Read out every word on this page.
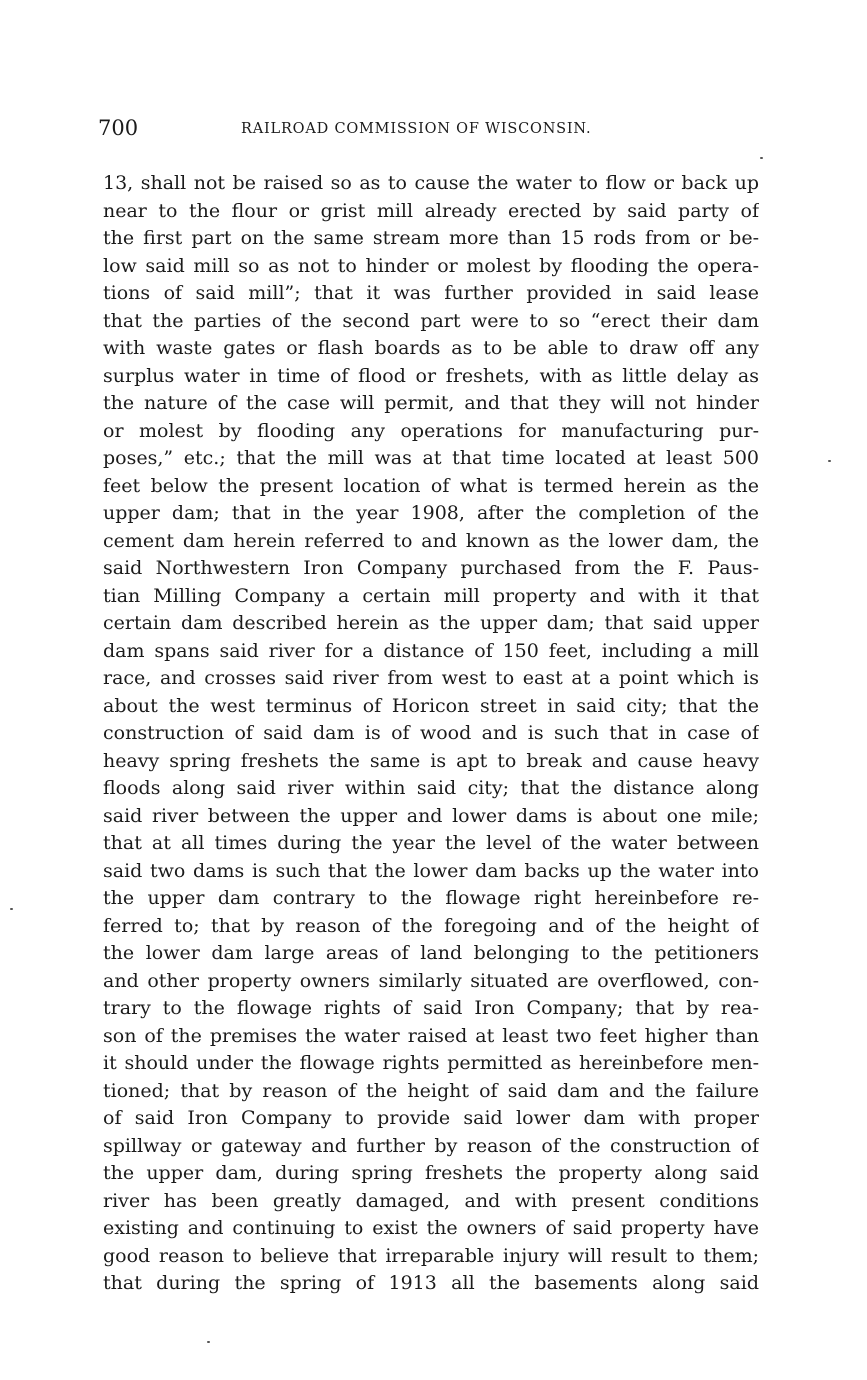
700	RAILROAD COMMISSION OF WISCONSIN.
13, shall not be raised so as to cause the water to flow or back up
near to the flour or grist mill already erected by said party of
the first part on the same stream more than 15 rods from or be-
low said mill so as not to hinder or molest by flooding the opera-
tions of said mill”; that it was further provided in said lease
that the parties of the second part were to so “erect their dam
with waste gates or flash boards as to be able to draw off any
surplus water in time of flood or freshets, with as little delay as
the nature of the case will permit, and that they will not hinder
or molest by flooding any operations for manufacturing pur-
poses,” etc.; that the mill was at that time located at least 500
feet below the present location of what is termed herein as the
upper dam; that in the year 1908, after the completion of the
cement dam herein referred to and known as the lower dam, the
said Northwestern Iron Company purchased from the F. Paus-
tian Milling Company a certain mill property and with it that
certain dam described herein as the upper dam; that said upper
dam spans said river for a distance of 150 feet, including a mill
race, and crosses said river from west to east at a point which is
about the west terminus of Horicon street in said city; that the
construction of said dam is of wood and is such that in case of
heavy spring freshets the same is apt to break and cause heavy
floods along said river within said city; that the distance along
said river between the upper and lower dams is about one mile;
that at all times during the year the level of the water between
said two dams is such that the lower dam backs up the water into
the upper dam contrary to the flowage right hereinbefore re-
ferred to; that by reason of the foregoing and of the height of
the lower dam large areas of land belonging to the petitioners
and other property owners similarly situated are overflowed, con-
trary to the flowage rights of said Iron Company; that by rea-
son of the premises the water raised at least two feet higher than
it should under the flowage rights permitted as hereinbefore men-
tioned; that by reason of the height of said dam and the failure
of said Iron Company to provide said lower dam with proper
spillway or gateway and further by reason of the construction of
the upper dam, during spring freshets the property along said
river has been greatly damaged, and with present conditions
existing and continuing to exist the owners of said property have
good reason to believe that irreparable injury will result to them;
that during the spring of 1913 all the basements along said
